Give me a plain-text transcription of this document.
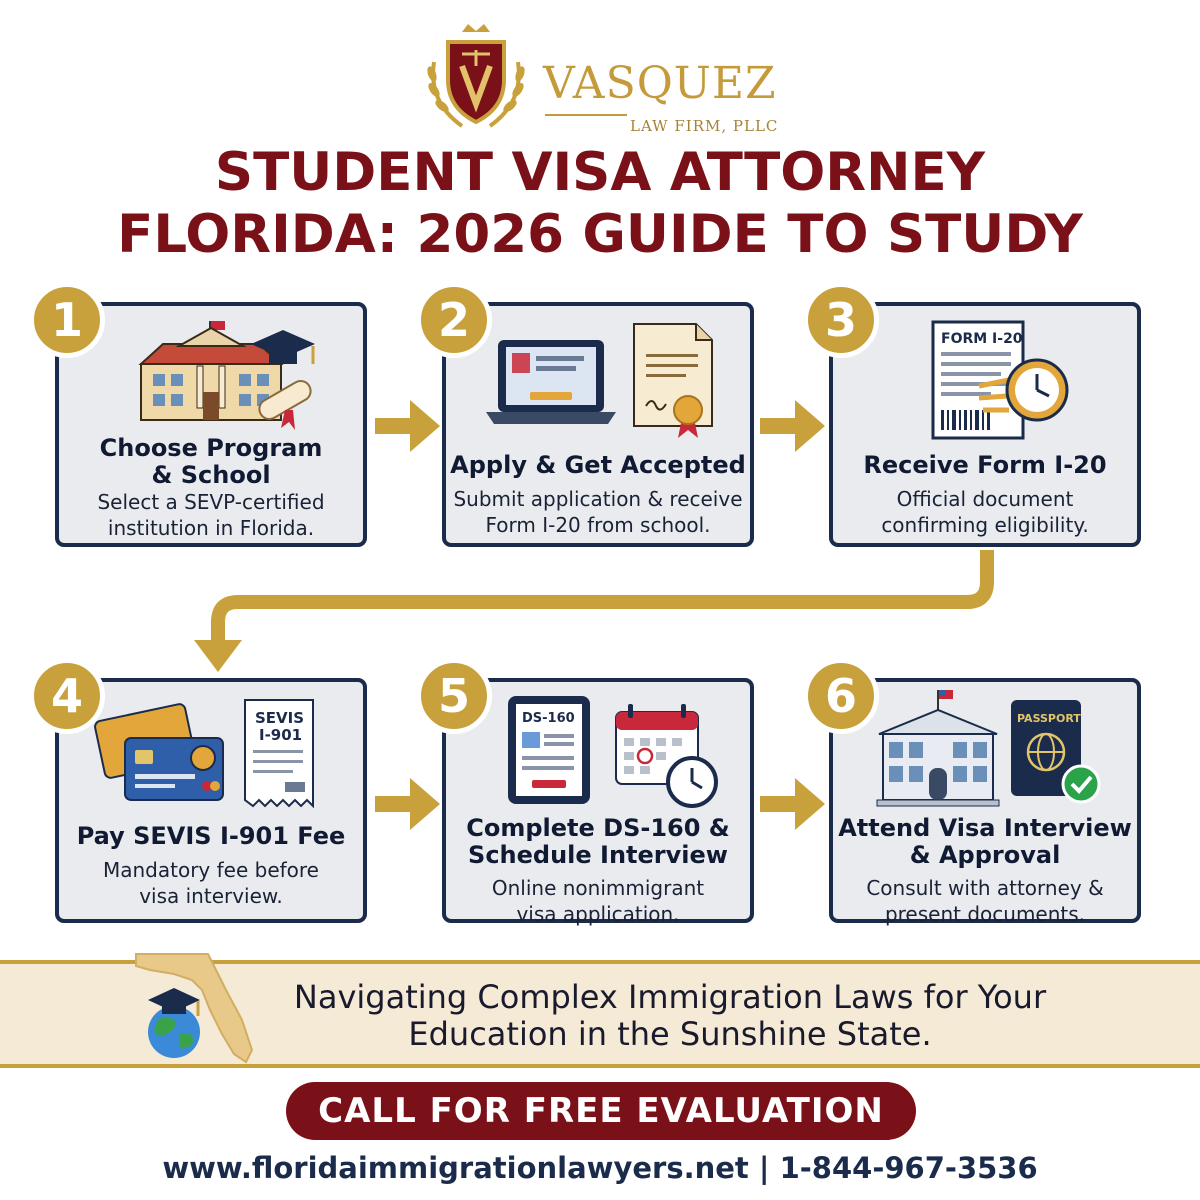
VASQUEZ
LAW FIRM, PLLC
STUDENT VISA ATTORNEY
FLORIDA: 2026 GUIDE TO STUDY
1
Choose Program
& School
Select a SEVP-certified
institution in Florida.
2
Apply & Get Accepted
Submit application & receive
Form I-20 from school.
FORM I-20
3
Receive Form I-20
Official document
confirming eligibility.
SEVIS
I-901
4
Pay SEVIS I-901 Fee
Mandatory fee before
visa interview.
DS-160
5
Complete DS-160 &
Schedule Interview
Online nonimmigrant
visa application.
PASSPORT
6
Attend Visa Interview
& Approval
Consult with attorney &
present documents.
Navigating Complex Immigration Laws for Your
Education in the Sunshine State.
CALL FOR FREE EVALUATION
www.floridaimmigrationlawyers.net | 1-844-967-3536
